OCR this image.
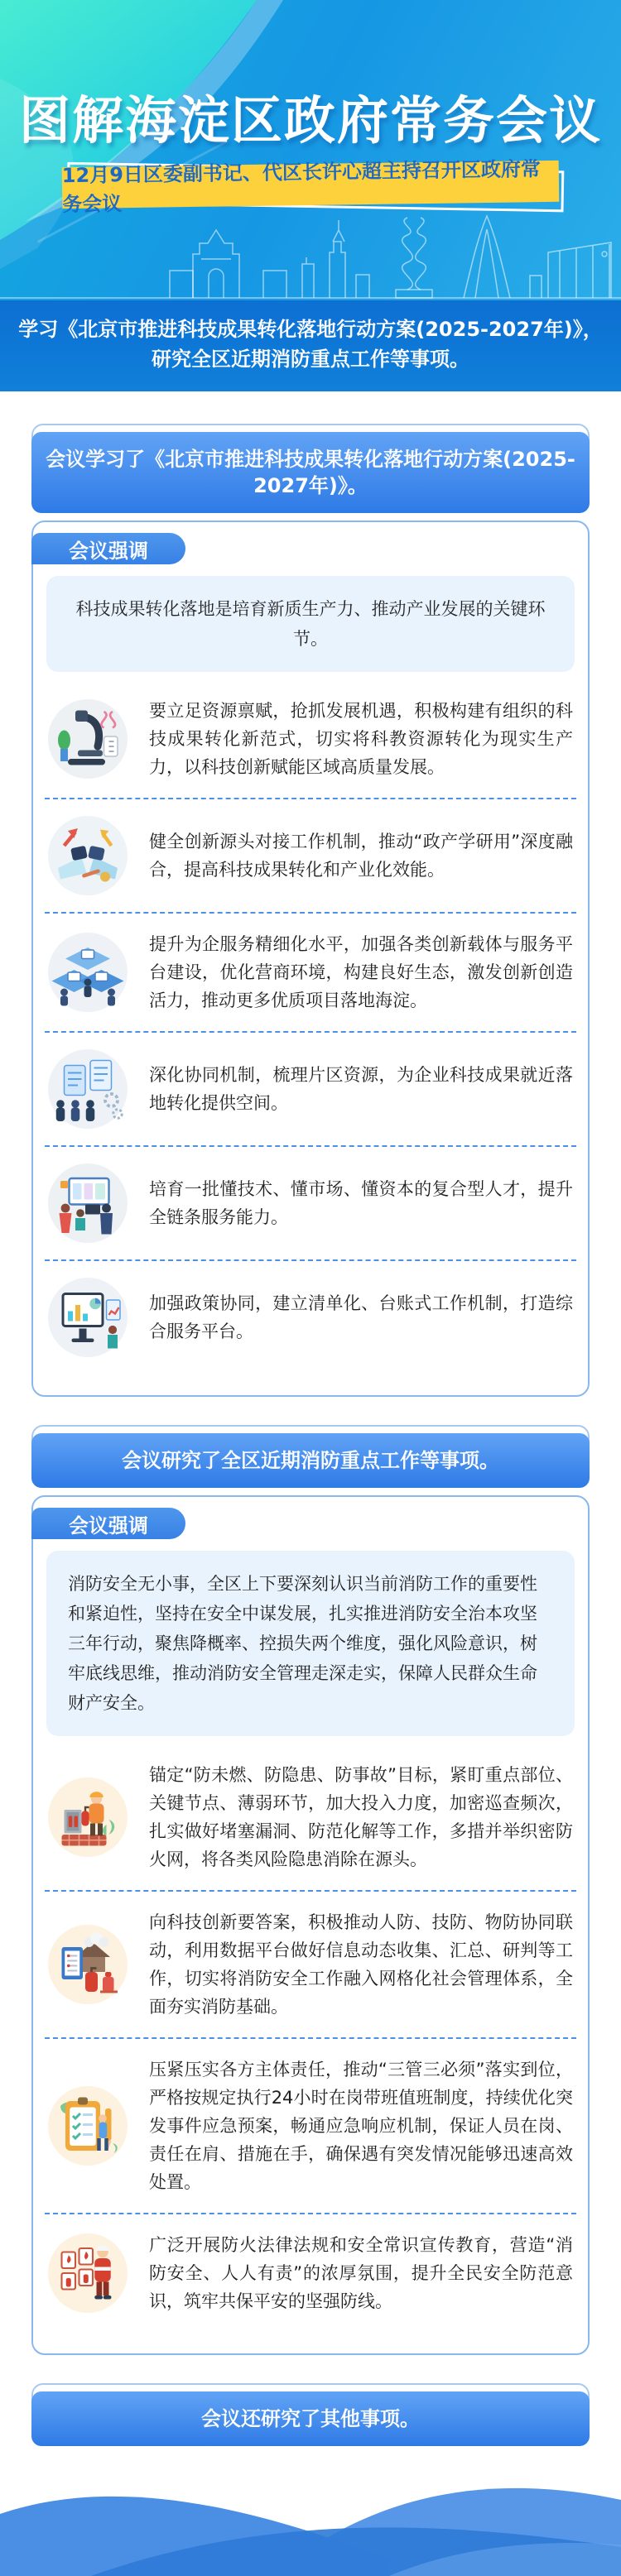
图解海淀区政府常务会议
12月9日区委副书记、代区长许心超主持召开区政府常务会议
学习《北京市推进科技成果转化落地行动方案(2025-2027年)》，
研究全区近期消防重点工作等事项。
会议学习了《北京市推进科技成果转化落地行动方案(2025-2027年)》。
会议强调
科技成果转化落地是培育新质生产力、推动产业发展的关键环节。
要立足资源禀赋，抢抓发展机遇，积极构建有组织的科技成果转化新范式，切实将科教资源转化为现实生产力，以科技创新赋能区域高质量发展。
健全创新源头对接工作机制，推动“政产学研用”深度融合，提高科技成果转化和产业化效能。
提升为企服务精细化水平，加强各类创新载体与服务平台建设，优化营商环境，构建良好生态，激发创新创造活力，推动更多优质项目落地海淀。
深化协同机制，梳理片区资源，为企业科技成果就近落地转化提供空间。
培育一批懂技术、懂市场、懂资本的复合型人才，提升全链条服务能力。
加强政策协同，建立清单化、台账式工作机制，打造综合服务平台。
会议研究了全区近期消防重点工作等事项。
会议强调
消防安全无小事，全区上下要深刻认识当前消防工作的重要性和紧迫性，坚持在安全中谋发展，扎实推进消防安全治本攻坚三年行动，聚焦降概率、控损失两个维度，强化风险意识，树牢底线思维，推动消防安全管理走深走实，保障人民群众生命财产安全。
锚定“防未燃、防隐患、防事故”目标，紧盯重点部位、关键节点、薄弱环节，加大投入力度，加密巡查频次，扎实做好堵塞漏洞、防范化解等工作，多措并举织密防火网，将各类风险隐患消除在源头。
向科技创新要答案，积极推动人防、技防、物防协同联动，利用数据平台做好信息动态收集、汇总、研判等工作，切实将消防安全工作融入网格化社会管理体系，全面夯实消防基础。
压紧压实各方主体责任，推动“三管三必须”落实到位，严格按规定执行24小时在岗带班值班制度，持续优化突发事件应急预案，畅通应急响应机制，保证人员在岗、责任在肩、措施在手，确保遇有突发情况能够迅速高效处置。
广泛开展防火法律法规和安全常识宣传教育，营造“消防安全、人人有责”的浓厚氛围，提升全民安全防范意识，筑牢共保平安的坚强防线。
会议还研究了其他事项。
